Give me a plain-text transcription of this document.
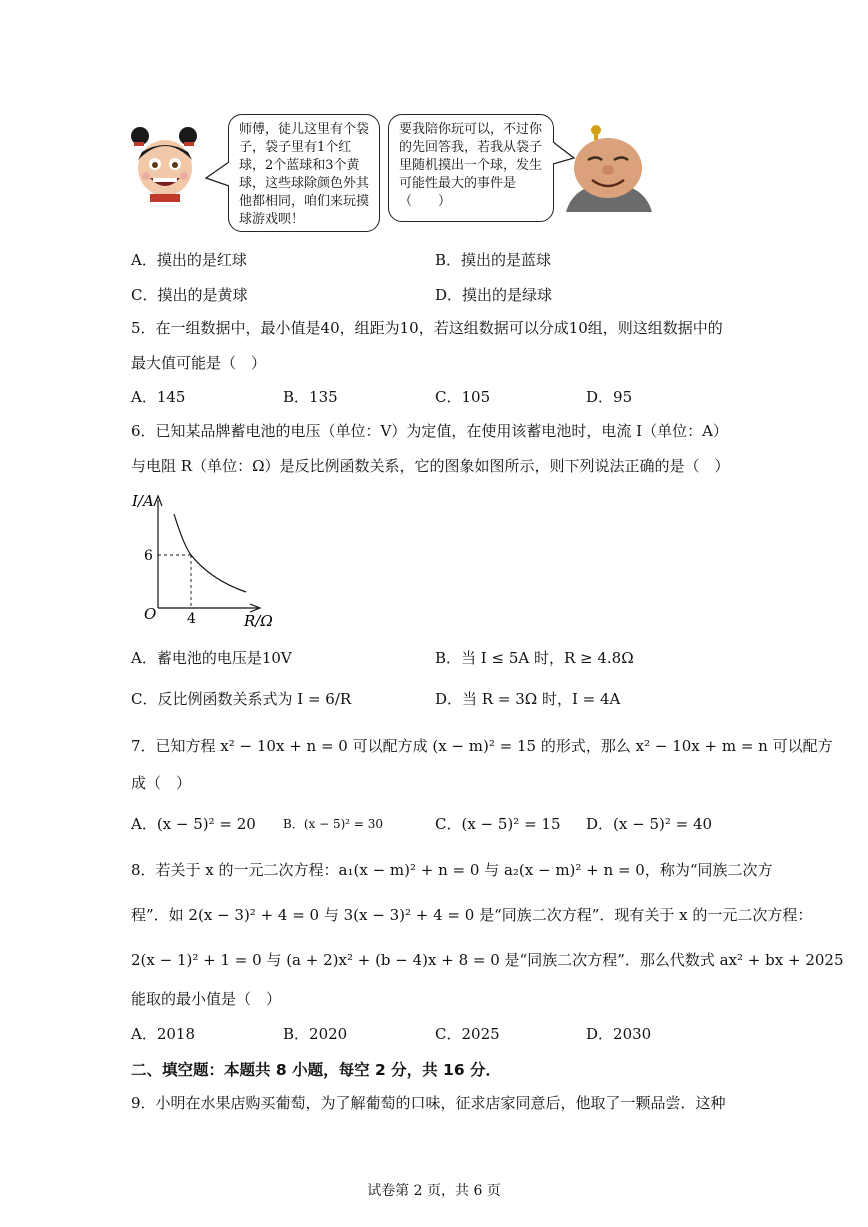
师傅，徒儿这里有个袋子，袋子里有1个红球，2个蓝球和3个黄球，这些球除颜色外其他都相同，咱们来玩摸球游戏呗！
要我陪你玩可以，不过你的先回答我，若我从袋子里随机摸出一个球，发生可能性最大的事件是（　　）
A．摸出的是红球	B．摸出的是蓝球
C．摸出的是黄球	D．摸出的是绿球
5．在一组数据中，最小值是40，组距为10，若这组数据可以分成10组，则这组数据中的
最大值可能是（　）
A．145	B．135	C．105	D．95
6．已知某品牌蓄电池的电压（单位：V）为定值，在使用该蓄电池时，电流 I（单位：A）
与电阻 R（单位：Ω）是反比例函数关系，它的图象如图所示，则下列说法正确的是（　）
I/A
6
4
O	R/Ω
A．蓄电池的电压是10V	B．当 I ≤ 5A 时，R ≥ 4.8Ω
C．反比例函数关系式为 I = 6/R	D．当 R = 3Ω 时，I = 4A
7．已知方程 x² − 10x + n = 0 可以配方成 (x − m)² = 15 的形式，那么 x² − 10x + m = n 可以配方
成（　）
A．(x − 5)² = 20 B．(x − 5)² = 30	C．(x − 5)² = 15 D．(x − 5)² = 40
8．若关于 x 的一元二次方程：a₁(x − m)² + n = 0 与 a₂(x − m)² + n = 0，称为“同族二次方
程”．如 2(x − 3)² + 4 = 0 与 3(x − 3)² + 4 = 0 是“同族二次方程”．现有关于 x 的一元二次方程：
2(x − 1)² + 1 = 0 与 (a + 2)x² + (b − 4)x + 8 = 0 是“同族二次方程”．那么代数式 ax² + bx + 2025
能取的最小值是（　）
A．2018	B．2020	C．2025	D．2030
二、填空题：本题共 8 小题，每空 2 分，共 16 分．
9．小明在水果店购买葡萄，为了解葡萄的口味，征求店家同意后，他取了一颗品尝．这种
试卷第 2 页，共 6 页
